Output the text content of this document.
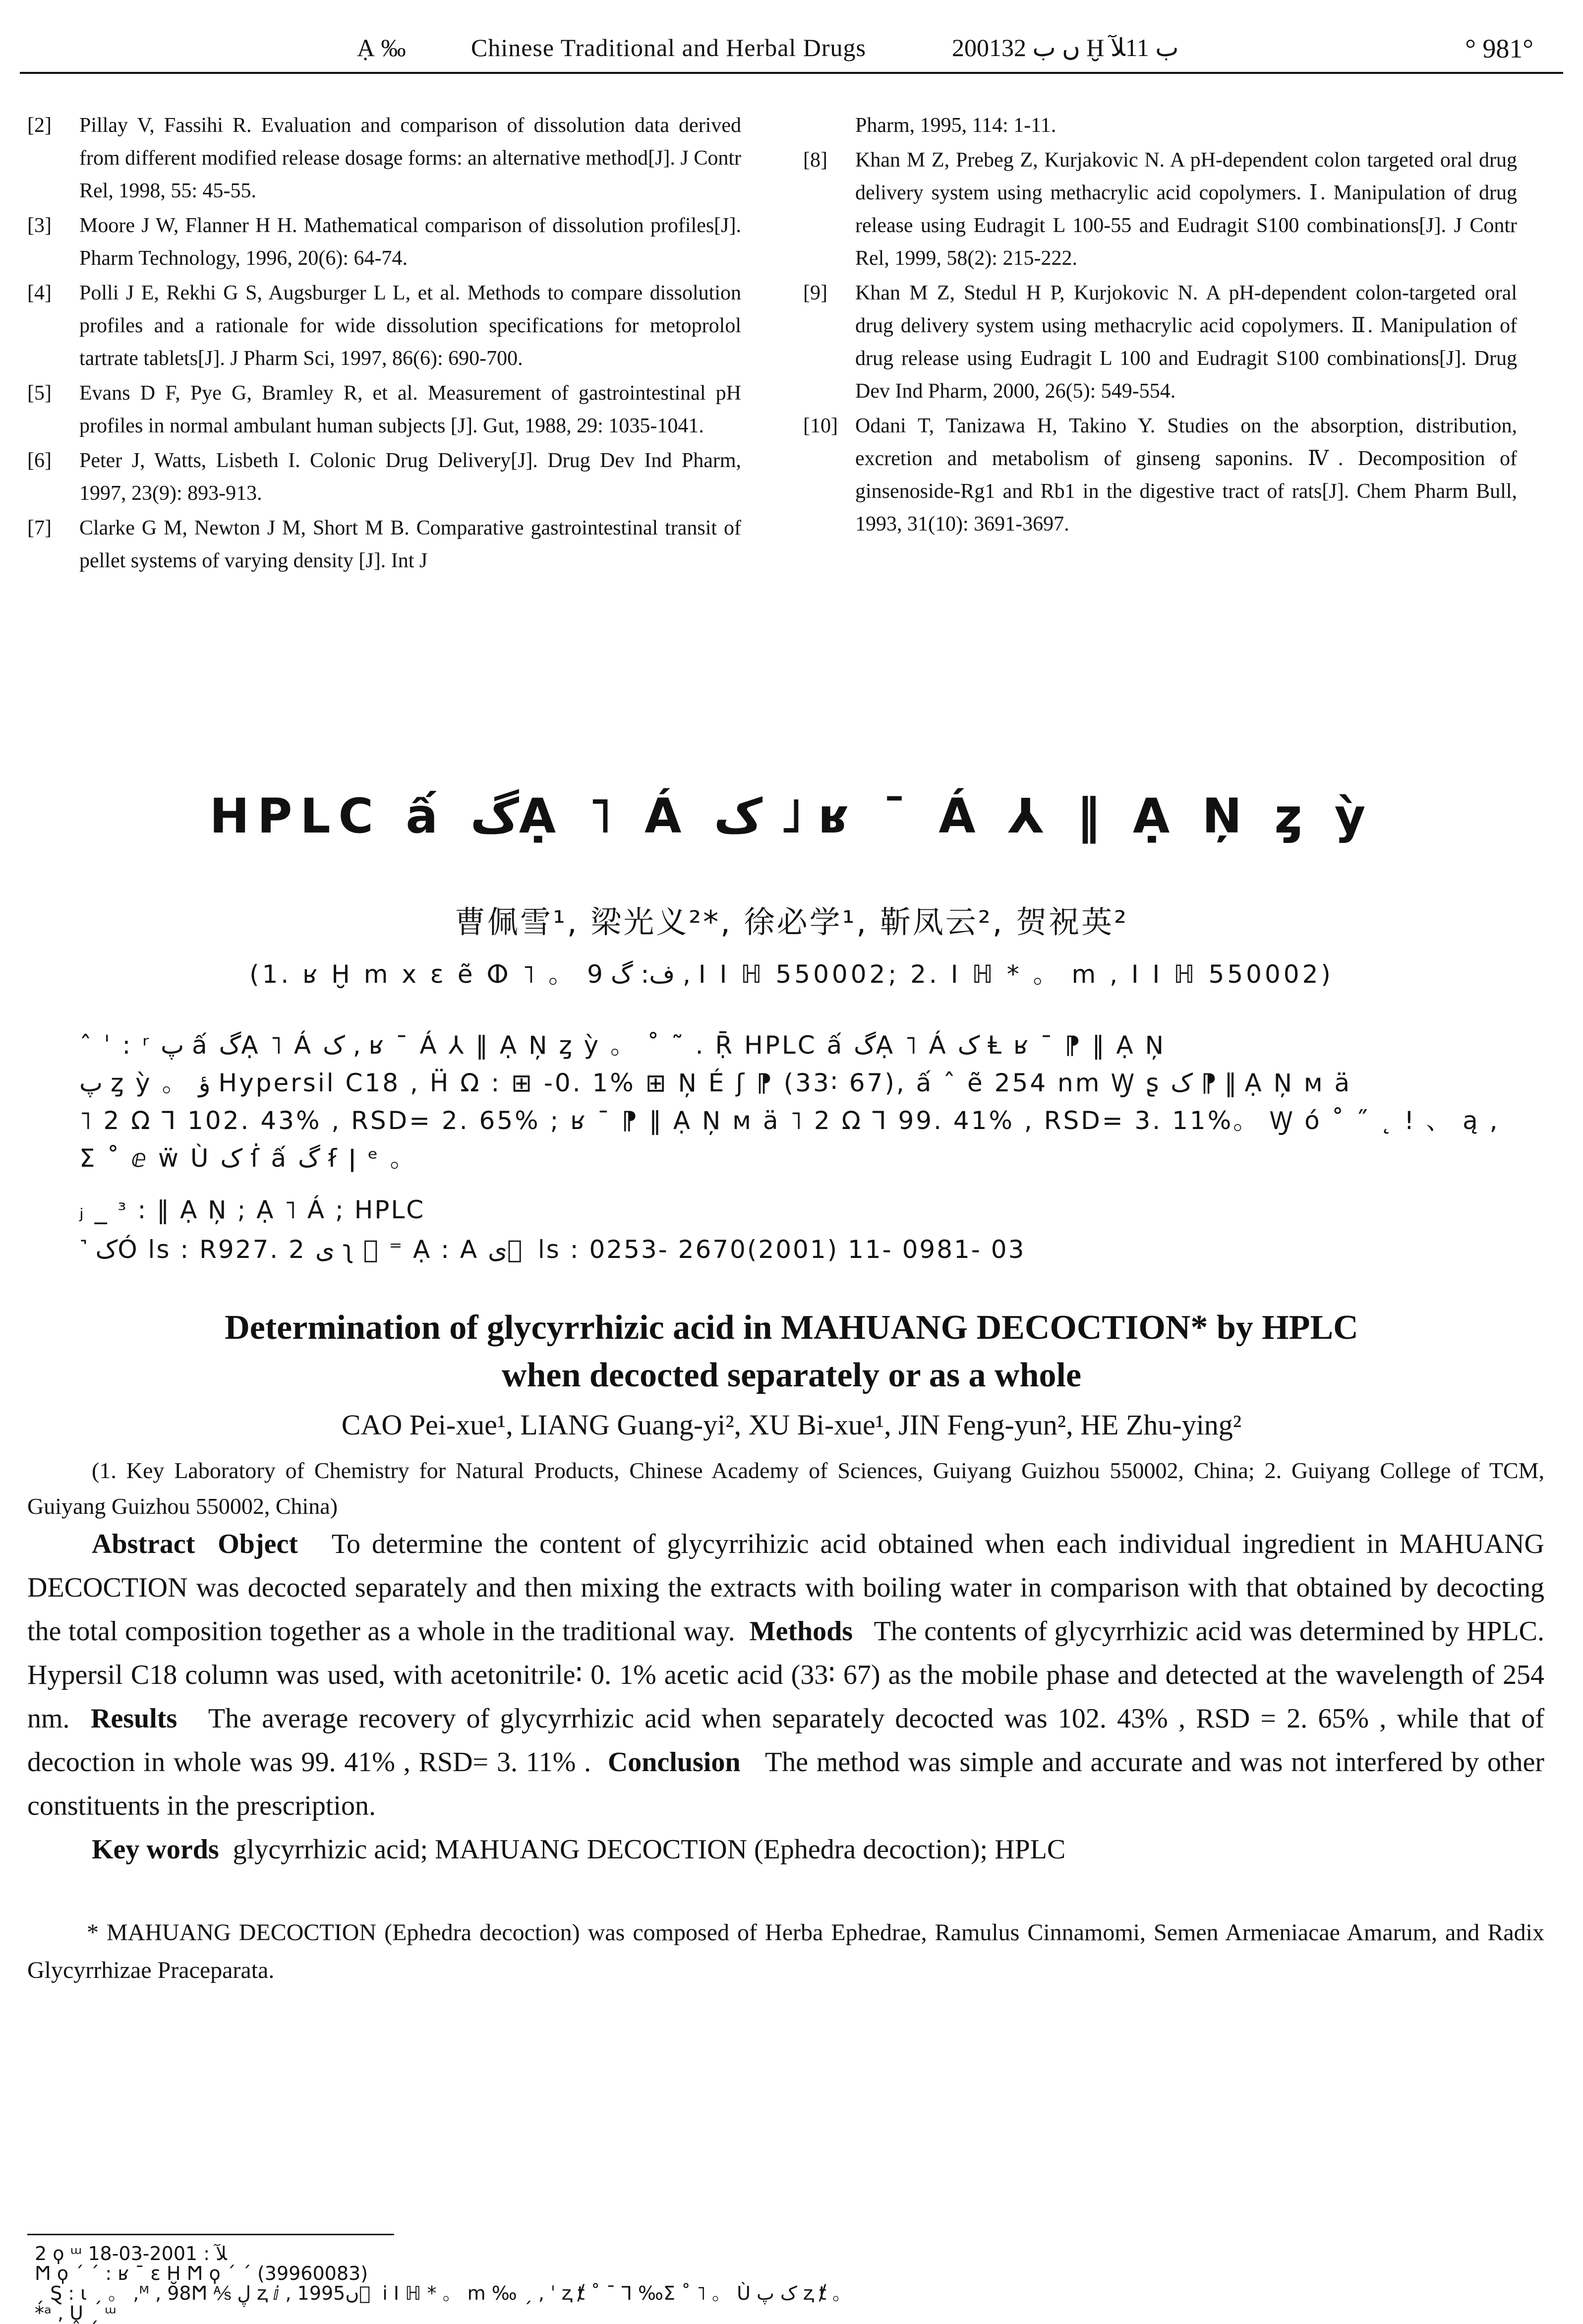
Ạ ‰	Chinese Traditional and Herbal Drugs	2001ں ب 32 Ḫ ب 11ﻶ	° 981°
[2]	Pillay V, Fassihi R. Evaluation and comparison of dissolution data derived from different modified release dosage forms: an alternative method[J]. J Contr Rel, 1998, 55: 45-55.
[3]	Moore J W, Flanner H H. Mathematical comparison of dissolution profiles[J]. Pharm Technology, 1996, 20(6): 64-74.
[4]	Polli J E, Rekhi G S, Augsburger L L, et al. Methods to compare dissolution profiles and a rationale for wide dissolution specifications for metoprolol tartrate tablets[J]. J Pharm Sci, 1997, 86(6): 690-700.
[5]	Evans D F, Pye G, Bramley R, et al. Measurement of gastrointestinal pH profiles in normal ambulant human subjects [J]. Gut, 1988, 29: 1035-1041.
[6]	Peter J, Watts, Lisbeth I. Colonic Drug Delivery[J]. Drug Dev Ind Pharm, 1997, 23(9): 893-913.
[7]	Clarke G M, Newton J M, Short M B. Comparative gastrointestinal transit of pellet systems of varying density [J]. Int J
Pharm, 1995, 114: 1-11.
[8]	Khan M Z, Prebeg Z, Kurjakovic N. A pH-dependent colon targeted oral drug delivery system using methacrylic acid copolymers. Ⅰ. Manipulation of drug release using Eudragit L 100-55 and Eudragit S100 combinations[J]. J Contr Rel, 1999, 58(2): 215-222.
[9]	Khan M Z, Stedul H P, Kurjokovic N. A pH-dependent colon-targeted oral drug delivery system using methacrylic acid copolymers. Ⅱ. Manipulation of drug release using Eudragit L 100 and Eudragit S100 combinations[J]. Drug Dev Ind Pharm, 2000, 26(5): 549-554.
[10] Odani T, Tanizawa H, Takino Y. Studies on the absorption, distribution, excretion and metabolism of ginseng saponins. Ⅳ. Decomposition of ginsenoside-Rg1 and Rb1 in the digestive tract of rats[J]. Chem Pharm Bull, 1993, 31(10): 3691-3697.
HPLC ấ گẠ ˥ Á ک ˩ ʁ ¯ Á ⅄ ‖ Ạ Ņ ȥ ỳ
曹佩雪¹, 梁光义²*, 徐必学¹, 靳凤云², 贺祝英²
(1. ʁ Ḫ m x ε ẽ ⵀ ˥ 。 ف: گ 9 , I I ℍ 550002; 2. I ℍ * 。 m , I I ℍ 550002)
ˆ ˈ : ʳ پ ấ گẠ ˥ Á ک , ʁ ¯ Á ⅄ ‖ Ạ Ņ ȥ ỳ 。 ˚ ˜ . Ṝ HPLC ấ گẠ ˥ Á ک Ⱡ ʁ ¯ ⁋ ‖ Ạ Ņ
پ ȥ ỳ 。 ؤ Hypersil C18 , Ḧ Ω : ⊞ -0. 1% ⊞ Ņ É ʃ ⁋ (33∶ 67), ấ ˆ ẽ 254 nm Ꝡ ʂ ک ⁋ ‖ Ạ Ņ ᴍ ä
˥ 2 Ω ⅂ 102. 43% , RSD= 2. 65% ; ʁ ¯ ⁋ ‖ Ạ Ņ ᴍ ä ˥ 2 Ω ⅂ 99. 41% , RSD= 3. 11%。 Ꝡ ó ˚ ˝ ˛ ! 、 ą ,
Σ ˚ ⅇ ẅ Ù ک ẛ ấ گ ẜ ǀ ᵉ 。
ⱼ _ ᶟ : ‖ Ạ Ņ ; Ạ ˥ Á ; HPLC
˺ کÓ ls : R927. 2 ى ʅ ⃞ ⁼ Ạ : A ى ⃞ ls : 0253- 2670(2001) 11- 0981- 03
Determination of glycyrrhizic acid in MAHUANG DECOCTION* by HPLC
when decocted separately or as a whole
CAO Pei-xue¹, LIANG Guang-yi², XU Bi-xue¹, JIN Feng-yun², HE Zhu-ying²
(1. Key Laboratory of Chemistry for Natural Products, Chinese Academy of Sciences, Guiyang Guizhou 550002, China; 2. Guiyang College of TCM, Guiyang Guizhou 550002, China)

Abstract Object To determine the content of glycyrrihizic acid obtained when each individual ingredient in MAHUANG DECOCTION was decocted separately and then mixing the extracts with boiling water in comparison with that obtained by decocting the total composition together as a whole in the traditional way. Methods The contents of glycyrrhizic acid was determined by HPLC. Hypersil C18 column was used, with acetonitrile∶ 0. 1% acetic acid (33∶ 67) as the mobile phase and detected at the wavelength of 254 nm. Results The average recovery of glycyrrhizic acid when separately decocted was 102. 43% , RSD = 2. 65% , while that of decoction in whole was 99. 41% , RSD= 3. 11% . Conclusion The method was simple and accurate and was not interfered by other constituents in the prescription.

Key words glycyrrhizic acid; MAHUANG DECOCTION (Ephedra decoction); HPLC

* MAHUANG DECOCTION (Ephedra decoction) was composed of Herba Ephedrae, Ramulus Cinnamomi, Semen Armeniacae Amarum, and Radix Glycyrrhizae Praceparata.
2 ϙ ᵚ ﻶ : 2001-03-18
Ϻ ϙ ˊ ˊ : ʁ ˉ ε Ḫ Ϻ ϙ ˊ ˊ (39960083)
ˏ Ȿ : ι ˏ 。 ,ᴹ , 98Ϻ ⅍ ڸ ⱬ ⅈ , 1995ں ⃞ ⅰ I ℍ * 。 m ‰ ˏ , ˈ ⱬ ⱦ ˚ ¯ ⅂ ‰Σ ˚ ˥ 。 Ù ک پ ⱬ ⱦ 。
*ᵃ , Ṷ ˏ ᵚ
